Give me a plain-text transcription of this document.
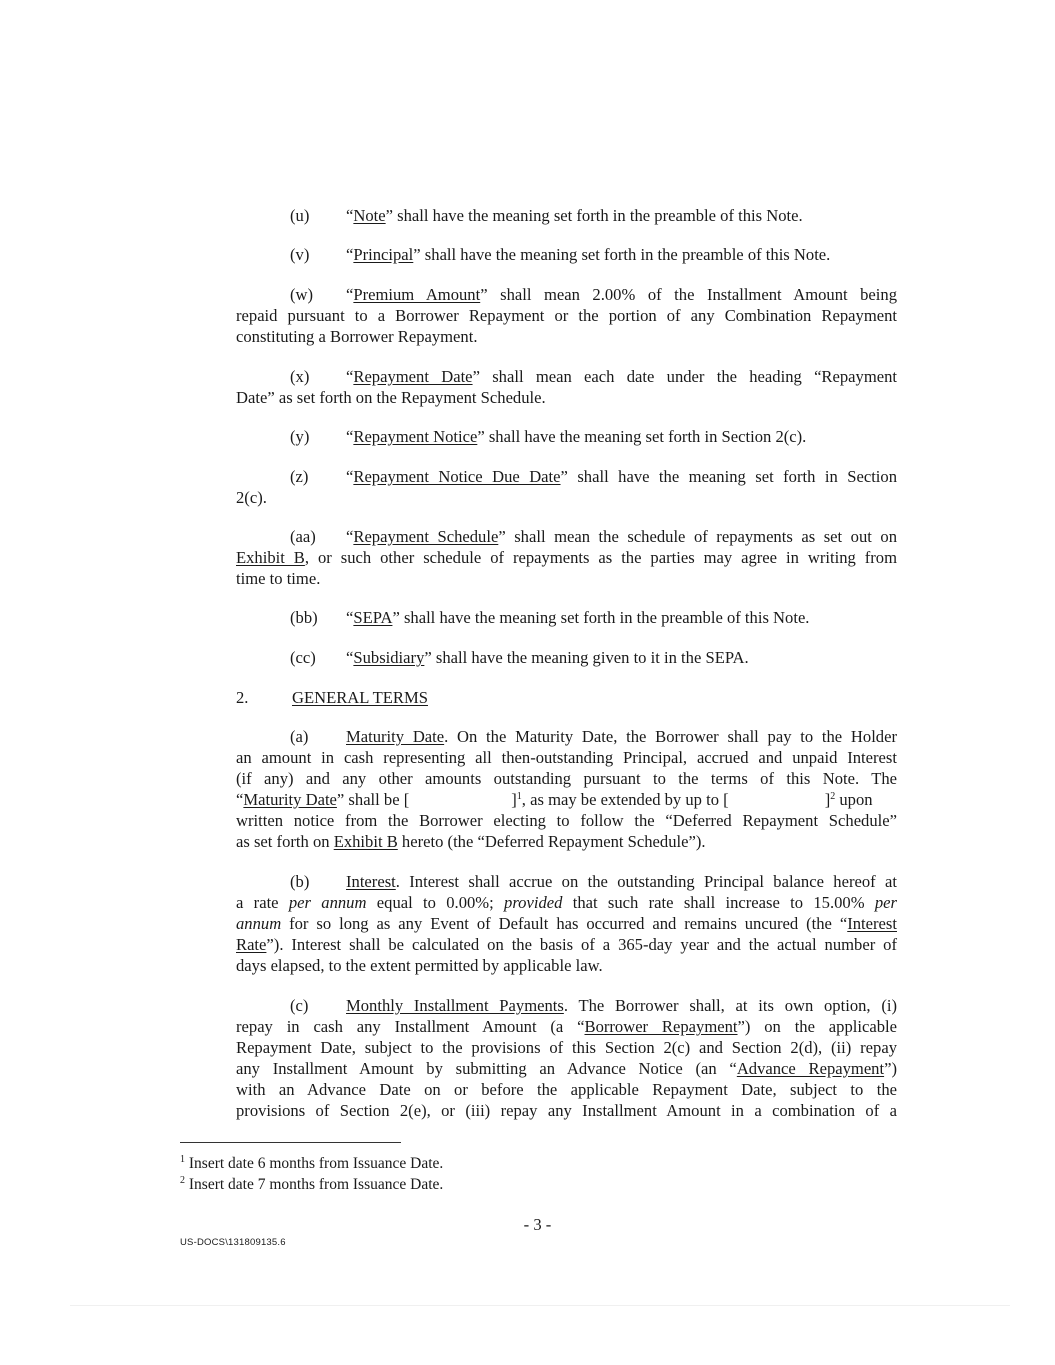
(u) “Note” shall have the meaning set forth in the preamble of this Note.

(v) “Principal” shall have the meaning set forth in the preamble of this Note.

(w) “Premium Amount” shall mean 2.00% of the Installment Amount being
repaid pursuant to a Borrower Repayment or the portion of any Combination Repayment
constituting a Borrower Repayment.

(x) “Repayment Date” shall mean each date under the heading “Repayment
Date” as set forth on the Repayment Schedule.

(y) “Repayment Notice” shall have the meaning set forth in Section 2(c).

(z) “Repayment Notice Due Date” shall have the meaning set forth in Section
2(c).

(aa) “Repayment Schedule” shall mean the schedule of repayments as set out on
Exhibit B, or such other schedule of repayments as the parties may agree in writing from
time to time.

(bb) “SEPA” shall have the meaning set forth in the preamble of this Note.

(cc) “Subsidiary” shall have the meaning given to it in the SEPA.

2.	GENERAL TERMS

(a) Maturity Date. On the Maturity Date, the Borrower shall pay to the Holder
an amount in cash representing all then-outstanding Principal, accrued and unpaid Interest
(if any) and any other amounts outstanding pursuant to the terms of this Note. The
“Maturity Date” shall be [	]$^1$, as may be extended by up to [	]$^2$ upon
written notice from the Borrower electing to follow the “Deferred Repayment Schedule”
as set forth on Exhibit B hereto (the “Deferred Repayment Schedule”).

(b) Interest. Interest shall accrue on the outstanding Principal balance hereof at
a rate per annum equal to 0.00%; provided that such rate shall increase to 15.00% per
annum for so long as any Event of Default has occurred and remains uncured (the “Interest
Rate”). Interest shall be calculated on the basis of a 365-day year and the actual number of
days elapsed, to the extent permitted by applicable law.

(c) Monthly Installment Payments. The Borrower shall, at its own option, (i)
repay in cash any Installment Amount (a “Borrower Repayment”) on the applicable
Repayment Date, subject to the provisions of this Section 2(c) and Section 2(d), (ii) repay
any Installment Amount by submitting an Advance Notice (an “Advance Repayment”)
with an Advance Date on or before the applicable Repayment Date, subject to the
provisions of Section 2(e), or (iii) repay any Installment Amount in a combination of a

$^1$ Insert date 6 months from Issuance Date.
$^2$ Insert date 7 months from Issuance Date.
- 3 -
US-DOCS\131809135.6
